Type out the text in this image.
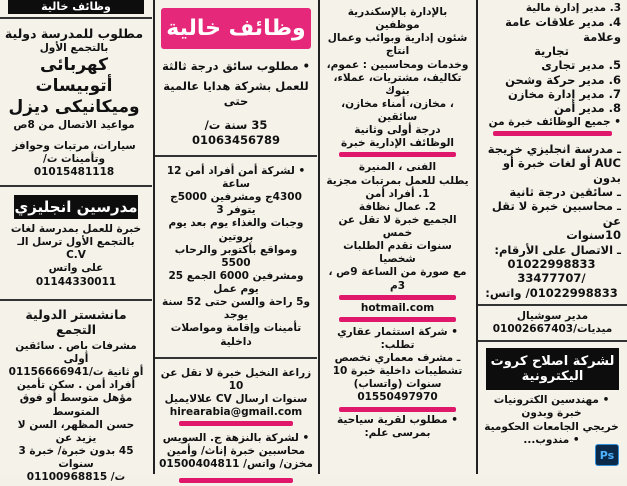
وظائف خالية
مطلوب للمدرسة دولية
بالتجمع الأول
كهربائى أتوبيسات
وميكانيكى ديزل
مواعيد الاتصال من 8ص
سيارات، مرتبات وحوافز
وتأمينات ت/ 01015481118
مدرسين انجليزي
خبرة للعمل بمدرسة لغات
بالتجمع الأول ترسل الـ C.V
على واتس 01144330011
مانشستر الدولية التجمع
مشرفات باص . سائقين أولى
أو ثانية ت/01156666941
أفراد أمن . سكن تأمين
مؤهل متوسط أو فوق المتوسط
حسن المظهر، السن لا يزيد عن
45 بدون خبرة/ خبرة 3 سنوات
ت/ 01100968815
وظائف خالية
• مطلوب سائق درجة ثالثة
للعمل بشركة هدايا عالمية حتى
35 سنة ت/ 01063456789
• لشركة أمن أفراد أمن 12 ساعة
4300ج ومشرفين 5000ج يتوفر 3
وجبات والغذاء يوم بعد يوم بروتين
ومواقع بأكتوبر والرحاب 5500
ومشرفين 6000 الجمع 25 يوم عمل
و5 راحة والسن حتى 52 سنة يوجد
تأمينات وإقامة ومواصلات داخلية
زراعة النخيل خبرة لا تقل عن 10
سنوات ارسال CV علالايميل
hirearabia@gmail.com
• لشركة بالنزهة ج. السويس
محاسبين خبرة إناث/ وأمين
مخزن/ واتس/ 01500404811
بالإدارة بالإسكندرية موظفين
شئون إدارية وبوائب وعمال انتاج
وخدمات ومحاسبين : عموم،
تكاليف، مشتريات، عملاء، بنوك
، مخازن، أمناء مخازن، سائقين
درجة أولى وثانية
الوظائف الإدارية خبرة
الفنى ، المنيرة
يطلب للعمل بمرتبات مجزية
1. أفراد أمن
2. عمال نظافة
الجميع خبرة لا تقل عن خمس
سنوات تقدم الطلبات شخصيا
مع صورة من الساعة 9ص ، 3م
hotmail.com
• شركة استثمار عقاري تطلب:
ـ مشرف معماري تخصص
تشطيبات داخلية خبرة 10
سنوات (واتساب) 01550497970
• مطلوب لقرية سياحية بمرسى علم:
3. مدير إدارة مالية
4. مدير علاقات عامة وعلامة
تجارية
5. مدير تجارى
6. مدير حركة وشحن
7. مدير إدارة مخازن
8. مدير أمن
• جميع الوظائف خبرة من
ـ مدرسة انجليزي خريجة
AUC أو لغات خبرة أو بدون
ـ سائقين درجة ثانية
ـ محاسبين خبرة لا تقل عن
10سنوات
ـ الاتصال على الأرقام:
01022998833 /33477707
01022998833/ واتس:
مدير سوشيال ميديات/01002667403
لشركة اصلاح كروت اليكترونية
• مهندسين الكترونيات خبرة وبدون
خريجي الجامعات الحكومية
• مندوب...
Ps
